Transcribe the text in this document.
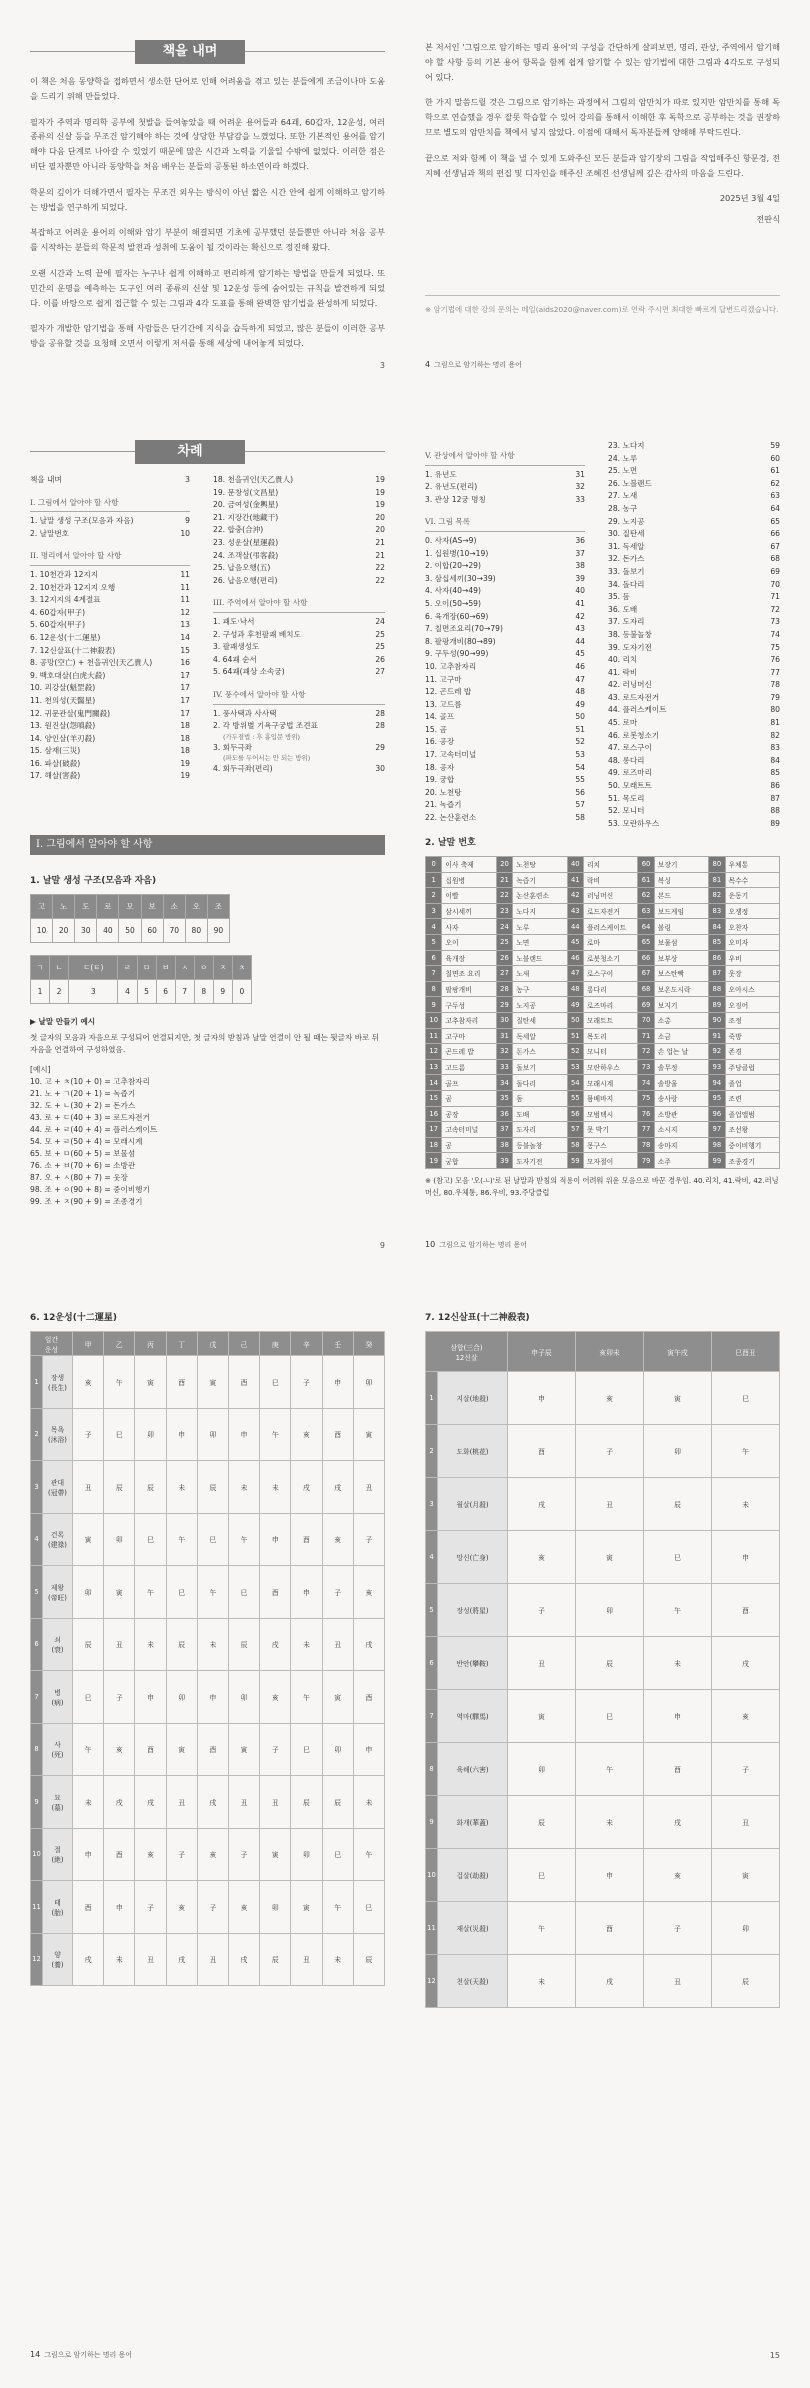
책을 내며

이 책은 처음 동양학을 접하면서 생소한 단어로 인해 어려움을 겪고 있는 분들에게 조금이나마 도움을 드리기 위해 만들었다.

필자가 주역과 명리학 공부에 첫발을 들여놓았을 때 어려운 용어들과 64괘, 60갑자, 12운성, 여러 종류의 신살 등을 무조건 암기해야 하는 것에 상당한 부담감을 느꼈었다. 또한 기본적인 용어를 암기해야 다음 단계로 나아갈 수 있었기 때문에 많은 시간과 노력을 기울일 수밖에 없었다. 이러한 점은 비단 필자뿐만 아니라 동양학을 처음 배우는 분들의 공통된 하소연이라 하겠다.

학문의 깊이가 더해가면서 필자는 무조건 외우는 방식이 아닌 짧은 시간 안에 쉽게 이해하고 암기하는 방법을 연구하게 되었다.

복잡하고 어려운 용어의 이해와 암기 부분이 해결되면 기초에 공부했던 분들뿐만 아니라 처음 공부를 시작하는 분들의 학문적 발전과 성취에 도움이 될 것이라는 확신으로 정진해 왔다.

오랜 시간과 노력 끝에 필자는 누구나 쉽게 이해하고 편리하게 암기하는 방법을 만들게 되었다. 또 민간의 운명을 예측하는 도구인 여러 종류의 신살 및 12운성 등에 숨어있는 규칙을 발견하게 되었다. 이를 바탕으로 쉽게 접근할 수 있는 그림과 4각 도표를 통해 완벽한 암기법을 완성하게 되었다.

필자가 개발한 암기법을 통해 사람들은 단기간에 지식을 습득하게 되었고, 많은 분들이 이러한 공부방을 공유할 것을 요청해 오면서 이렇게 저서를 통해 세상에 내어놓게 되었다.

3

본 저서인 '그림으로 암기하는 명리 용어'의 구성을 간단하게 살펴보면, 명리, 관상, 주역에서 암기해야 할 사항 등의 기본 용어 항목을 함께 쉽게 암기할 수 있는 암기법에 대한 그림과 4각도로 구성되어 있다.

한 가지 말씀드릴 것은 그림으로 암기하는 과정에서 그림의 암만치가 따로 있지만 암만치를 통해 독학으로 연습했을 경우 잘못 학습할 수 있어 강의를 통해서 이해한 후 독학으로 공부하는 것을 권장하므로 별도의 암만치를 책에서 넣지 않았다. 이점에 대해서 독자분들께 양해해 부탁드린다.

끝으로 저와 함께 이 책을 낼 수 있게 도와주신 모든 분들과 암기장의 그림을 작업해주신 항문경, 전지혜 선생님과 책의 편집 및 디자인을 해주신 조혜진 선생님께 깊은 감사의 마음을 드린다.

2025년 3월 4일

전판식

※ 암기법에 대한 강의 문의는 메일(aids2020@naver.com)로 연락 주시면 최대한 빠르게 답변드리겠습니다.
4 그림으로 암기하는 명리 용어
차례
책을 내며	3
I. 그림에서 알아야 할 사항
1. 날말 생성 구조(모음과 자음)	9
2. 날말번호	10
II. 명리에서 알아야 할 사항
1. 10천간과 12지지	11
2. 10천간과 12지지 오행	11
3. 12지지의 4계절표	11
4. 60갑자(甲子)	12
5. 60갑자(甲子)	13
6. 12운성(十二運星)	14
7. 12신살표(十二神殺表)	15
8. 공망(空亡) + 천을귀인(天乙貴人)	16
9. 백호대살(白虎大殺)	17
10. 괴강살(魁罡殺)	17
11. 천의성(天醫星)	17
12. 귀문관살(鬼門關殺)	17
13. 원진살(怨嗔殺)	18
14. 양인살(羊刃殺)	18
15. 삼재(三災)	18
16. 파살(破殺)	19
17. 해살(害殺)	19
18. 천을귀인(天乙貴人)	19
19. 문창성(文昌星)	19
20. 금여성(金輿星)	19
21. 지장간(地藏干)	20
22. 합충(合沖)	20
23. 성운살(星運殺)	21
24. 조객살(弔客殺)	21
25. 납음오행(五)	22
26. 납음오행(편리)	22
III. 주역에서 알아야 할 사항
1. 괘도·낙서	24
2. 구성과 후천팔괘 배치도	25
3. 팔괘생성도	25
4. 64괘 순서	26
5. 64괘(괘상 소속궁)	27
IV. 풍수에서 알아야 할 사항
1. 풍사택과 사사택	28
2. 각 방위별 기욕구궁법 조견표	28
(가두점법 : 후 흉입문 방위)
3. 회두극좌	29
(파도를 두어서는 안 되는 방위)
4. 회두극좌(편리)	30
V. 관상에서 알아야 할 사항
1. 유년도	31
2. 유년도(편리)	32
3. 관상 12궁 명칭	33
VI. 그림 목록
0. 사자(AS→9)	36
1. 십원병(10→19)	37
2. 이합(20→29)	38
3. 삼십세끼(30→39)	39
4. 사자(40→49)	40
5. 오이(50→59)	41
6. 육개장(60→69)	42
7. 칠면조요리(70→79)	43
8. 팔팡개비(80→89)	44
9. 구두성(90→99)	45
10. 고추참자리	46
11. 고구마	47
12. 곤드레 밥	48
13. 고드름	49
14. 골프	50
15. 곰	51
16. 공장	52
17. 고속터미널	53
18. 공자	54
19. 궁합	55
20. 노천탕	56
21. 녹즙기	57
22. 논산훈련소	58
23. 노다지	59
24. 노루	60
25. 노면	61
26. 노블랜드	62
27. 노새	63
28. 농구	64
29. 노지공	65
30. 질탄세	66
31. 독세알	67
32. 돈가스	68
33. 돌보기	69
34. 돌다리	70
35. 돔	71
36. 도배	72
37. 도자리	73
38. 등불놀창	74
39. 도자기전	75
40. 리치	76
41. 락비	77
42. 러닝머신	78
43. 로드자전거	79
44. 플러스케이트	80
45. 로마	81
46. 로봇청소기	82
47. 로스구이	83
48. 롱다리	84
49. 로즈마리	85
50. 모래트트	86
51. 목도리	87
52. 모니터	88
53. 모란하우스	89
I. 그림에서 알아야 할 사항
1. 날말 생성 구조(모음과 자음)
고	노	도	로	모	보	소	오	조
10	20	30	40	50	60	70	80	90
ㄱ	ㄴ	ㄷ(ㅌ)	ㄹ	ㅁ	ㅂ	ㅅ	ㅇ	ㅈ	ㅊ
1	2	3	4	5	6	7	8	9	0
▶ 날말 만들기 예시
첫 글자의 모음과 자음으로 구성되어 연결되지만, 첫 글자의 받침과 날말 연결이 안 될 때는 뒷글자 바로 뒤 자음을 연결하여 구성하였음.
[예시]
10. 고 + ㅊ(10 + 0) = 고추참자리
21. 노 + ㄱ(20 + 1) = 녹즙기
32. 도 + ㄴ(30 + 2) = 돈가스
43. 로 + ㄷ(40 + 3) = 로드자전거
44. 로 + ㄹ(40 + 4) = 플러스케이트
54. 모 + ㄹ(50 + 4) = 모래시계
65. 보 + ㅁ(60 + 5) = 보물섬
76. 소 + ㅂ(70 + 6) = 소방관
87. 오 + ㅅ(80 + 7) = 웃장
98. 조 + ㅇ(90 + 8) = 중이비행기
99. 조 + ㅈ(90 + 9) = 조종경기
9
2. 날말 번호
0	이사 축제	20	노천탕	40	리치	60	보장기	80	우체통
1	십원병	21	녹즙기	41	락비	61	복싱	81	목수수
2	이빨	22	논산훈련소	42	러닝머신	62	본드	82	운동기
3	삼시세끼	23	노다지	43	로드자전거	63	보드게임	83	오쟁정
4	사자	24	노루	44	플러스케이트	64	볼링	84	오찬자
5	오이	25	노면	45	로마	65	보물섬	85	오미자
6	육개장	26	노블랜드	46	로봇청소기	66	보부상	86	우비
7	칠면조 요리	27	노새	47	로스구이	67	보스탄빡	87	웃장
8	팔팡개비	28	농구	48	롱다리	68	보온도시락	88	오아시스
9	구두성	29	노지공	49	로즈마리	69	보지기	89	오징어
10	고추참자리	30	질탄세	50	모래트트	70	소총	90	조정
11	고구마	31	독세알	51	목도리	71	소금	91	죽방
12	곤드레 밥	32	돈가스	52	모니터	72	손 업는 날	92	존경
13	고드름	33	돌보기	53	모란하우스	73	솔무정	93	주당클럽
14	골프	34	돌다리	54	모래시계	74	솔방울	94	졸업
15	곰	35	돔	55	몸베바지	75	송사랑	95	조련
16	공장	36	도배	56	모범택시	76	소방관	96	졸업앨범
17	고속터미널	37	도자리	57	못 박기	77	소시지	97	조선왕
18	공	38	등불놀창	58	몽구스	78	송마지	98	중이비행기
19	궁합	39	도자기전	59	모자절이	79	소주	99	조종경기
※ (참고) 모음 '오(ㅗ)'로 된 날말과 받침의 적용이 어려워 위운 모음으로 바꾼 경우임. 40.리치, 41.락비, 42.러닝머신, 80.우체통, 86.우비, 93.주당클럽
10 그림으로 암기하는 명리 용어
6. 12운성(十二運星)
일간
운성		甲	乙	丙	丁	戊	己	庚	辛	壬	癸
1	장생
(長生)	亥	午	寅	酉	寅	酉	巳	子	申	卯
2	목욕
(沐浴)	子	巳	卯	申	卯	申	午	亥	酉	寅
3	관대
(冠帶)	丑	辰	辰	未	辰	未	未	戌	戌	丑
4	건록
(建祿)	寅	卯	巳	午	巳	午	申	酉	亥	子
5	제왕
(帝旺)	卯	寅	午	巳	午	巳	酉	申	子	亥
6	쇠
(衰)	辰	丑	未	辰	未	辰	戌	未	丑	戌
7	병
(病)	巳	子	申	卯	申	卯	亥	午	寅	酉
8	사
(死)	午	亥	酉	寅	酉	寅	子	巳	卯	申
9	묘
(墓)	未	戌	戌	丑	戌	丑	丑	辰	辰	未
10	절
(絶)	申	酉	亥	子	亥	子	寅	卯	巳	午
11	태
(胎)	酉	申	子	亥	子	亥	卯	寅	午	巳
12	양
(養)	戌	未	丑	戌	丑	戌	辰	丑	未	辰
14 그림으로 암기하는 명리 용어
7. 12신살표(十二神殺表)
삼합(三合)
12신살		申子辰	亥卯未	寅午戌	巳酉丑
1	지살(地殺)	申	亥	寅	巳
2	도화(桃花)	酉	子	卯	午
3	월살(月殺)	戌	丑	辰	未
4	망신(亡身)	亥	寅	巳	申
5	장성(將星)	子	卯	午	酉
6	반안(攀鞍)	丑	辰	未	戌
7	역마(驛馬)	寅	巳	申	亥
8	육해(六害)	卯	午	酉	子
9	화개(華蓋)	辰	未	戌	丑
10	겁살(劫殺)	巳	申	亥	寅
11	재살(災殺)	午	酉	子	卯
12	천살(天殺)	未	戌	丑	辰
15
